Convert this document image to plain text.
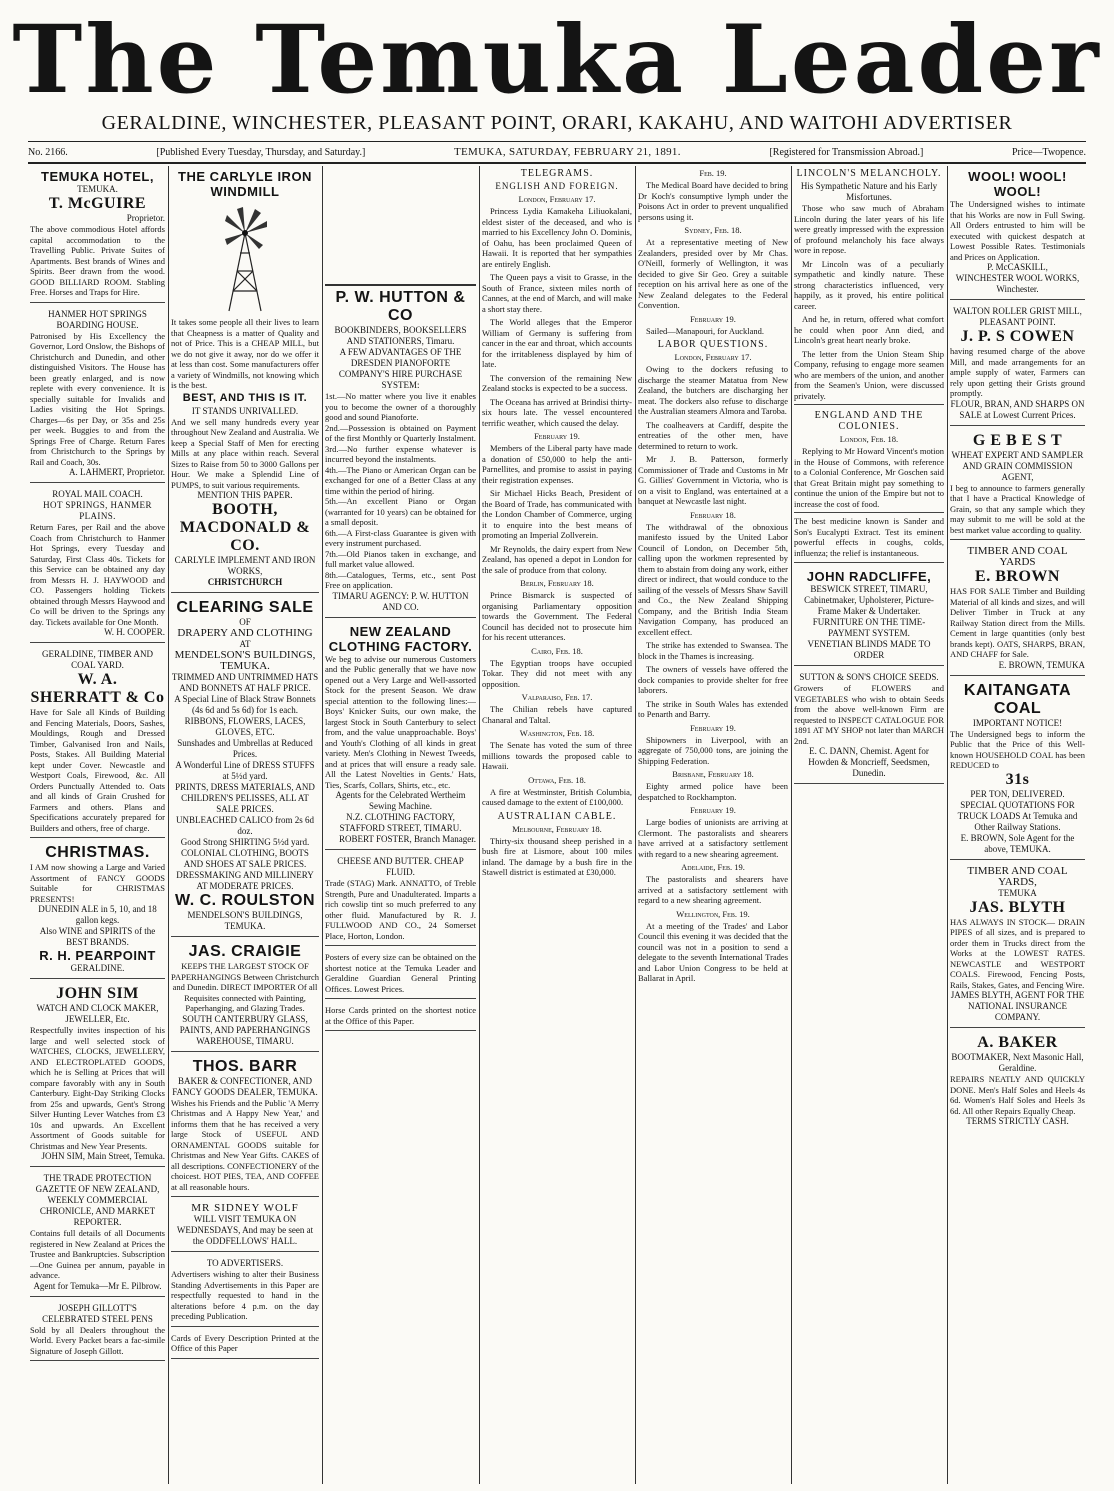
The Temuka Leader
GERALDINE, WINCHESTER, PLEASANT POINT, ORARI, KAKAHU, AND WAITOHI ADVERTISER
No. 2166.	[Published Every Tuesday, Thursday, and Saturday.]	TEMUKA, SATURDAY, FEBRUARY 21, 1891.	[Registered for Transmission Abroad.]	Price—Twopence.
TEMUKA HOTEL,
TEMUKA.
T. McGUIRE
Proprietor.
The above commodious Hotel affords capital accommodation to the Travelling Public. Private Suites of Apartments. Best brands of Wines and Spirits. Beer drawn from the wood. GOOD BILLIARD ROOM. Stabling Free. Horses and Traps for Hire.
HANMER HOT SPRINGS BOARDING HOUSE.
Patronised by His Excellency the Governor, Lord Onslow, the Bishops of Christchurch and Dunedin, and other distinguished Visitors. The House has been greatly enlarged, and is now replete with every convenience. It is specially suitable for Invalids and Ladies visiting the Hot Springs. Charges—6s per Day, or 35s and 25s per week. Buggies to and from the Springs Free of Charge. Return Fares from Christchurch to the Springs by Rail and Coach, 30s.
A. LAHMERT, Proprietor.
ROYAL MAIL COACH.
HOT SPRINGS, HANMER PLAINS.
Return Fares, per Rail and the above Coach from Christchurch to Hanmer Hot Springs, every Tuesday and Saturday, First Class 40s. Tickets for this Service can be obtained any day from Messrs H. J. HAYWOOD and CO. Passengers holding Tickets obtained through Messrs Haywood and Co will be driven to the Springs any day. Tickets available for One Month.
W. H. COOPER.
GERALDINE, TIMBER AND COAL YARD.
W. A. SHERRATT & Co
Have for Sale all Kinds of Building and Fencing Materials, Doors, Sashes, Mouldings, Rough and Dressed Timber, Galvanised Iron and Nails, Posts, Stakes. All Building Material kept under Cover. Newcastle and Westport Coals, Firewood, &c. All Orders Punctually Attended to. Oats and all kinds of Grain Crushed for Farmers and others. Plans and Specifications accurately prepared for Builders and others, free of charge.
CHRISTMAS.
I AM now showing a Large and Varied Assortment of FANCY GOODS Suitable for CHRISTMAS PRESENTS!
DUNEDIN ALE in 5, 10, and 18 gallon kegs.
Also WINE and SPIRITS of the BEST BRANDS.
R. H. PEARPOINT
GERALDINE.
JOHN SIM
WATCH AND CLOCK MAKER, JEWELLER, Etc.
Respectfully invites inspection of his large and well selected stock of WATCHES, CLOCKS, JEWELLERY, AND ELECTROPLATED GOODS, which he is Selling at Prices that will compare favorably with any in South Canterbury. Eight-Day Striking Clocks from 25s and upwards, Gent's Strong Silver Hunting Lever Watches from £3 10s and upwards. An Excellent Assortment of Goods suitable for Christmas and New Year Presents.
JOHN SIM, Main Street, Temuka.
THE TRADE PROTECTION GAZETTE OF NEW ZEALAND, WEEKLY COMMERCIAL CHRONICLE, AND MARKET REPORTER.
Contains full details of all Documents registered in New Zealand at Prices the Trustee and Bankruptcies. Subscription—One Guinea per annum, payable in advance.
Agent for Temuka—Mr E. Pilbrow.
JOSEPH GILLOTT'S CELEBRATED STEEL PENS
Sold by all Dealers throughout the World. Every Packet bears a fac-simile Signature of Joseph Gillott.
THE CARLYLE IRON WINDMILL
It takes some people all their lives to learn that Cheapness is a matter of Quality and not of Price. This is a CHEAP MILL, but we do not give it away, nor do we offer it at less than cost. Some manufacturers offer a variety of Windmills, not knowing which is the best.
BEST, AND THIS IS IT.
IT STANDS UNRIVALLED.
And we sell many hundreds every year throughout New Zealand and Australia. We keep a Special Staff of Men for erecting Mills at any place within reach. Several Sizes to Raise from 50 to 3000 Gallons per Hour. We make a Splendid Line of PUMPS, to suit various requirements.
MENTION THIS PAPER.
BOOTH, MACDONALD & CO.
CARLYLE IMPLEMENT AND IRON WORKS,
CHRISTCHURCH
CLEARING SALE
OF
DRAPERY AND CLOTHING
AT
MENDELSON'S BUILDINGS, TEMUKA.
TRIMMED AND UNTRIMMED HATS AND BONNETS AT HALF PRICE.
A Special Line of Black Straw Bonnets (4s 6d and 5s 6d) for 1s each.
RIBBONS, FLOWERS, LACES, GLOVES, ETC.
Sunshades and Umbrellas at Reduced Prices.
A Wonderful Line of DRESS STUFFS at 5½d yard.
PRINTS, DRESS MATERIALS, AND CHILDREN'S PELISSES, ALL AT SALE PRICES.
UNBLEACHED CALICO from 2s 6d doz.
Good Strong SHIRTING 5½d yard.
COLONIAL CLOTHING, BOOTS AND SHOES AT SALE PRICES.
DRESSMAKING AND MILLINERY AT MODERATE PRICES.
W. C. ROULSTON
MENDELSON'S BUILDINGS, TEMUKA.
JAS. CRAIGIE
KEEPS THE LARGEST STOCK OF PAPERHANGINGS Between Christchurch and Dunedin. DIRECT IMPORTER Of all Requisites connected with Painting, Paperhanging, and Glazing Trades.
SOUTH CANTERBURY GLASS, PAINTS, AND PAPERHANGINGS WAREHOUSE, TIMARU.
THOS. BARR
BAKER & CONFECTIONER, AND FANCY GOODS DEALER, TEMUKA.
Wishes his Friends and the Public 'A Merry Christmas and A Happy New Year,' and informs them that he has received a very large Stock of USEFUL AND ORNAMENTAL GOODS suitable for Christmas and New Year Gifts. CAKES of all descriptions. CONFECTIONERY of the choicest. HOT PIES, TEA, AND COFFEE at all reasonable hours.
MR SIDNEY WOLF
WILL VISIT TEMUKA ON WEDNESDAYS, And may be seen at the ODDFELLOWS' HALL.
TO ADVERTISERS.
Advertisers wishing to alter their Business Standing Advertisements in this Paper are respectfully requested to hand in the alterations before 4 p.m. on the day preceding Publication.
Cards of Every Description Printed at the Office of this Paper
P. W. HUTTON & CO
BOOKBINDERS, BOOKSELLERS AND STATIONERS, Timaru.
A FEW ADVANTAGES OF THE DRESDEN PIANOFORTE COMPANY'S HIRE PURCHASE SYSTEM:
1st.—No matter where you live it enables you to become the owner of a thoroughly good and sound Pianoforte.
2nd.—Possession is obtained on Payment of the first Monthly or Quarterly Instalment.
3rd.—No further expense whatever is incurred beyond the instalments.
4th.—The Piano or American Organ can be exchanged for one of a Better Class at any time within the period of hiring.
5th.—An excellent Piano or Organ (warranted for 10 years) can be obtained for a small deposit.
6th.—A First-class Guarantee is given with every instrument purchased.
7th.—Old Pianos taken in exchange, and full market value allowed.
8th.—Catalogues, Terms, etc., sent Post Free on application.
TIMARU AGENCY: P. W. HUTTON AND CO.
NEW ZEALAND CLOTHING FACTORY.
We beg to advise our numerous Customers and the Public generally that we have now opened out a Very Large and Well-assorted Stock for the present Season. We draw special attention to the following lines:— Boys' Knicker Suits, our own make, the largest Stock in South Canterbury to select from, and the value unapproachable. Boys' and Youth's Clothing of all kinds in great variety. Men's Clothing in Newest Tweeds, and at prices that will ensure a ready sale. All the Latest Novelties in Gents.' Hats, Ties, Scarfs, Collars, Shirts, etc., etc.
Agents for the Celebrated Wertheim Sewing Machine.
N.Z. CLOTHING FACTORY,
STAFFORD STREET, TIMARU.
ROBERT FOSTER, Branch Manager.
CHEESE AND BUTTER. CHEAP FLUID.
Trade (STAG) Mark. ANNATTO, of Treble Strength, Pure and Unadulterated. Imparts a rich cowslip tint so much preferred to any other fluid. Manufactured by R. J. FULLWOOD AND CO., 24 Somerset Place, Horton, London.
Posters of every size can be obtained on the shortest notice at the Temuka Leader and Geraldine Guardian General Printing Offices. Lowest Prices.
Horse Cards printed on the shortest notice at the Office of this Paper.
TELEGRAMS.
ENGLISH AND FOREIGN.
London, February 17.

Princess Lydia Kamakeha Liliuokalani, eldest sister of the deceased, and who is married to his Excellency John O. Dominis, of Oahu, has been proclaimed Queen of Hawaii. It is reported that her sympathies are entirely English.

The Queen pays a visit to Grasse, in the South of France, sixteen miles north of Cannes, at the end of March, and will make a short stay there.

The World alleges that the Emperor William of Germany is suffering from cancer in the ear and throat, which accounts for the irritableness displayed by him of late.

The conversion of the remaining New Zealand stocks is expected to be a success.

The Oceana has arrived at Brindisi thirty-six hours late. The vessel encountered terrific weather, which caused the delay.

February 19.

Members of the Liberal party have made a donation of £50,000 to help the anti-Parnellites, and promise to assist in paying their registration expenses.

Sir Michael Hicks Beach, President of the Board of Trade, has communicated with the London Chamber of Commerce, urging it to enquire into the best means of promoting an Imperial Zollverein.

Mr Reynolds, the dairy expert from New Zealand, has opened a depot in London for the sale of produce from that colony.

Berlin, February 18.

Prince Bismarck is suspected of organising Parliamentary opposition towards the Government. The Federal Council has decided not to prosecute him for his recent utterances.

Cairo, Feb. 18.

The Egyptian troops have occupied Tokar. They did not meet with any opposition.

Valparaiso, Feb. 17.

The Chilian rebels have captured Chanaral and Taltal.

Washington, Feb. 18.

The Senate has voted the sum of three millions towards the proposed cable to Hawaii.

Ottawa, Feb. 18.

A fire at Westminster, British Columbia, caused damage to the extent of £100,000.

AUSTRALIAN CABLE.
Melbourne, February 18.

Thirty-six thousand sheep perished in a bush fire at Lismore, about 100 miles inland. The damage by a bush fire in the Stawell district is estimated at £30,000.

Feb. 19.

The Medical Board have decided to bring Dr Koch's consumptive lymph under the Poisons Act in order to prevent unqualified persons using it.

Sydney, Feb. 18.

At a representative meeting of New Zealanders, presided over by Mr Chas. O'Neill, formerly of Wellington, it was decided to give Sir Geo. Grey a suitable reception on his arrival here as one of the New Zealand delegates to the Federal Convention.

February 19.

Sailed—Manapouri, for Auckland.

LABOR QUESTIONS.
London, February 17.

Owing to the dockers refusing to discharge the steamer Matatua from New Zealand, the butchers are discharging her meat. The dockers also refuse to discharge the Australian steamers Almora and Taroba.

The coalheavers at Cardiff, despite the entreaties of the other men, have determined to return to work.

Mr J. B. Patterson, formerly Commissioner of Trade and Customs in Mr G. Gillies' Government in Victoria, who is on a visit to England, was entertained at a banquet at Newcastle last night.

February 18.

The withdrawal of the obnoxious manifesto issued by the United Labor Council of London, on December 5th, calling upon the workmen represented by them to abstain from doing any work, either direct or indirect, that would conduce to the sailing of the vessels of Messrs Shaw Savill and Co., the New Zealand Shipping Company, and the British India Steam Navigation Company, has produced an excellent effect.

The strike has extended to Swansea. The block in the Thames is increasing.

The owners of vessels have offered the dock companies to provide shelter for free laborers.

The strike in South Wales has extended to Penarth and Barry.

February 19.

Shipowners in Liverpool, with an aggregate of 750,000 tons, are joining the Shipping Federation.

Brisbane, February 18.

Eighty armed police have been despatched to Rockhampton.

February 19.

Large bodies of unionists are arriving at Clermont. The pastoralists and shearers have arrived at a satisfactory settlement with regard to a new shearing agreement.

Adelaide, Feb. 19.

The pastoralists and shearers have arrived at a satisfactory settlement with regard to a new shearing agreement.

Wellington, Feb. 19.

At a meeting of the Trades' and Labor Council this evening it was decided that the council was not in a position to send a delegate to the seventh International Trades and Labor Union Congress to be held at Ballarat in April.

LINCOLN'S MELANCHOLY.
His Sympathetic Nature and his Early Misfortunes.

Those who saw much of Abraham Lincoln during the later years of his life were greatly impressed with the expression of profound melancholy his face always wore in repose.

Mr Lincoln was of a peculiarly sympathetic and kindly nature. These strong characteristics influenced, very happily, as it proved, his entire political career.

And he, in return, offered what comfort he could when poor Ann died, and Lincoln's great heart nearly broke.

The letter from the Union Steam Ship Company, refusing to engage more seamen who are members of the union, and another from the Seamen's Union, were discussed privately.

ENGLAND AND THE COLONIES.
London, Feb. 18.

Replying to Mr Howard Vincent's motion in the House of Commons, with reference to a Colonial Conference, Mr Goschen said that Great Britain might pay something to continue the union of the Empire but not to increase the cost of food.

The best medicine known is Sander and Son's Eucalypti Extract. Test its eminent powerful effects in coughs, colds, influenza; the relief is instantaneous.
JOHN RADCLIFFE,
BESWICK STREET, TIMARU,
Cabinetmaker, Upholsterer, Picture-Frame Maker & Undertaker.
FURNITURE ON THE TIME-PAYMENT SYSTEM.
VENETIAN BLINDS MADE TO ORDER
SUTTON & SON'S CHOICE SEEDS.
Growers of FLOWERS and VEGETABLES who wish to obtain Seeds from the above well-known Firm are requested to INSPECT CATALOGUE FOR 1891 AT MY SHOP not later than MARCH 2nd.
E. C. DANN, Chemist. Agent for Howden & Moncrieff, Seedsmen, Dunedin.
WOOL! WOOL! WOOL!
The Undersigned wishes to intimate that his Works are now in Full Swing. All Orders entrusted to him will be executed with quickest despatch at Lowest Possible Rates. Testimonials and Prices on Application.
P. McCASKILL,
WINCHESTER WOOL WORKS, Winchester.
WALTON ROLLER GRIST MILL, PLEASANT POINT.
J. P. S COWEN
having resumed charge of the above Mill, and made arrangements for an ample supply of water, Farmers can rely upon getting their Grists ground promptly.
FLOUR, BRAN, AND SHARPS ON SALE at Lowest Current Prices.
G E B E S T
WHEAT EXPERT AND SAMPLER AND GRAIN COMMISSION AGENT,
I beg to announce to farmers generally that I have a Practical Knowledge of Grain, so that any sample which they may submit to me will be sold at the best market value according to quality.
TIMBER AND COAL YARDS
E. BROWN
HAS FOR SALE Timber and Building Material of all kinds and sizes, and will Deliver Timber in Truck at any Railway Station direct from the Mills. Cement in large quantities (only best brands kept). OATS, SHARPS, BRAN, AND CHAFF for Sale.
E. BROWN, TEMUKA
KAITANGATA COAL
IMPORTANT NOTICE!
The Undersigned begs to inform the Public that the Price of this Well-known HOUSEHOLD COAL has been REDUCED to
31s
PER TON, DELIVERED.
SPECIAL QUOTATIONS FOR TRUCK LOADS At Temuka and Other Railway Stations.
E. BROWN, Sole Agent for the above, TEMUKA.
TIMBER AND COAL YARDS,
TEMUKA
JAS. BLYTH
HAS ALWAYS IN STOCK— DRAIN PIPES of all sizes, and is prepared to order them in Trucks direct from the Works at the LOWEST RATES. NEWCASTLE and WESTPORT COALS. Firewood, Fencing Posts, Rails, Stakes, Gates, and Fencing Wire.
JAMES BLYTH, AGENT FOR THE NATIONAL INSURANCE COMPANY.
A. BAKER
BOOTMAKER, Next Masonic Hall, Geraldine.
REPAIRS NEATLY AND QUICKLY DONE. Men's Half Soles and Heels 4s 6d. Women's Half Soles and Heels 3s 6d. All other Repairs Equally Cheap.
TERMS STRICTLY CASH.
